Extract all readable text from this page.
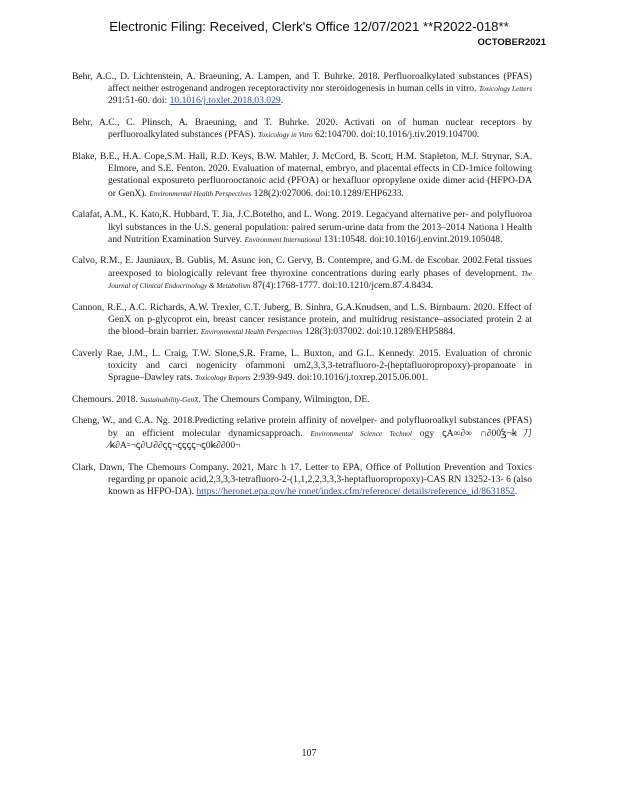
Electronic Filing: Received, Clerk's Office 12/07/2021 **R2022-018**
OCTOBER2021
Behr, A.C., D. Lichtenstein, A. Braeuning, A. Lampen, and T. Buhrke. 2018. Perfluoroalkylated substances (PFAS) affect neither estrogenand androgen receptoractivity nor steroidogenesis in human cells in vitro. Toxicology Letters 291:51-60. doi: 10.1016/j.toxlet.2018.03.029.
Behr, A.C., C. Plinsch, A. Braeuning, and T. Buhrke. 2020. Activati on of human nuclear receptors by perfluoroalkylated substances (PFAS). Toxicology in Vitro 62:104700. doi:10.1016/j.tiv.2019.104700.
Blake, B.E., H.A. Cope,S.M. Hall, R.D. Keys, B.W. Mahler, J. McCord, B. Scott, H.M. Stapleton, M.J. Strynar, S.A. Elmore, and S.E. Fenton. 2020. Evaluation of maternal, embryo, and placental effects in CD-1mice following gestational exposureto perfluorooctanoic acid (PFOA) or hexafluor opropylene oxide dimer acid (HFPO-DA or GenX). Environmental Health Perspectives 128(2):027006. doi:10.1289/EHP6233.
Calafat, A.M., K. Kato,K. Hubbard, T. Jia, J.C.Botelho, and L. Wong. 2019. Legacyand alternative per- and polyfluoroa lkyl substances in the U.S. general population: paired serum-urine data from the 2013–2014 Nationa l Health and Nutrition Examination Survey. Environment International 131:10548. doi:10.1016/j.envint.2019.105048.
Calvo, R.M., E. Jauniaux, B. Gublis, M. Asunc ion, C. Gervy, B. Contempre, and G.M. de Escobar. 2002.Fetal tissues areexposed to biologically relevant free thyroxine concentrations during early phases of development. The Journal of Clinical Endocrinology & Metabolism 87(4):1768-1777. doi:10.1210/jcem.87.4.8434.
Cannon, R.E., A.C. Richards, A.W. Trexler, C.T. Juberg, B. Sinhra, G.A.Knudsen, and L.S. Birnbaum. 2020. Effect of GenX on p-glycoprot ein, breast cancer resistance protein, and multidrug resistance–associated protein 2 at the blood–brain barrier. Environmental Health Perspectives 128(3):037002. doi:10.1289/EHP5884.
Caverly Rae, J.M., L. Craig, T.W. Slone,S.R. Frame, L. Buxton, and G.L. Kennedy. 2015. Evaluation of chronic toxicity and carci nogenicity ofammoni um2,3,3,3-tetrafluoro-2-(heptafluoropropoxy)-propanoate in Sprague–Dawley rats. Toxicology Reports 2:939-949. doi:10.1016/j.toxrep.2015.06.001.
Chemours. 2018. Sustainability-GenX. The Chemours Company, Wilmington, DE.
Cheng, W., and C.A. Ng. 2018.Predicting relative protein affinity of novelper- and polyfluoroalkyl substances (PFAS) by an efficient molecular dynamicsapproach. Environmental Science Technol ogy ꞔA∞∂∞ ∩∂00Ꝣ¬ꞣ刀∕ꞣ∂A꞊¬ꞔ∂∪∂∂ꞔꞔ¬ꞔꞔꞔꞔ¬ꞔ0ꞣ∂∂00¬
Clark, Dawn, The Chemours Company. 2021, Marc h 17. Letter to EPA, Office of Pollution Prevention and Toxics regarding pr opanoic acid,2,3,3,3-tetrafluoro-2-(1,1,2,2,3,3,3-heptafluoropropoxy)-CAS RN 13252-13- 6 (also known as HFPO-DA). https://heronet.epa.gov/he ronet/index.cfm/reference/ details/reference_id/8631852.
107
